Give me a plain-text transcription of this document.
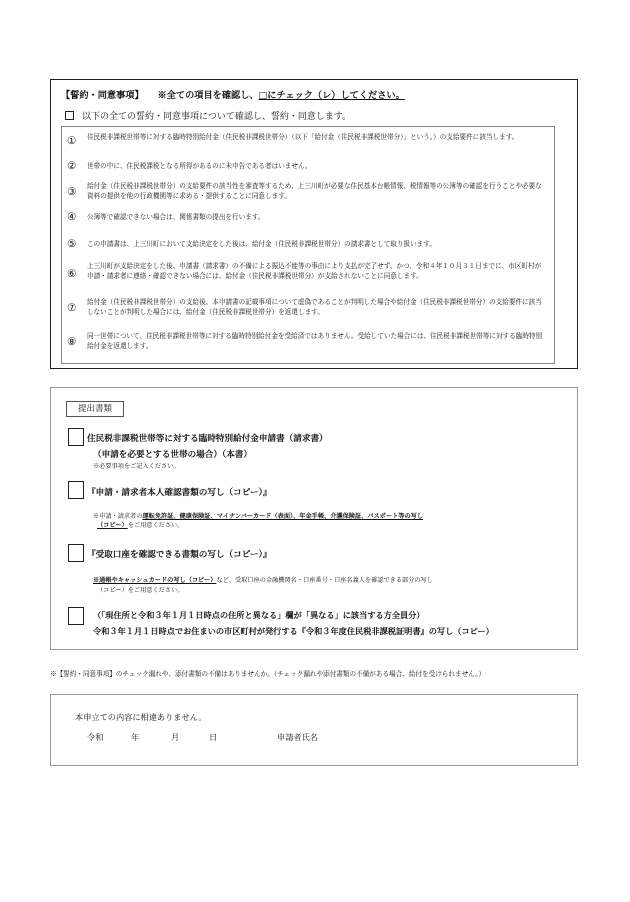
【誓約・同意事項】 ※全ての項目を確認し、□にチェック（レ）してください。
以下の全ての誓約・同意事項について確認し、誓約・同意します。
① 住民税非課税世帯等に対する臨時特別給付金（住民税非課税世帯分）（以下「給付金（住民税非課税世帯分）」という。）の支給要件に該当します。
② 世帯の中に、住民税課税となる所得があるのに未申告である者はいません。
③ 給付金（住民税非課税世帯分）の支給要件の該当性を審査等するため、上三川町が必要な住民基本台帳情報、税情報等の公簿等の確認を行うことや必要な資料の提供を他の行政機関等に求める・提供することに同意します。
④ 公簿等で確認できない場合は、関係書類の提出を行います。
⑤ この申請書は、上三川町において支給決定をした後は、給付金（住民税非課税世帯分）の請求書として取り扱います。
⑥
上三川町が支給決定をした後、申請書（請求書）の不備による振込不能等の事由により支払が完了せず、かつ、令和４年１０月３１日までに、市区町村が申請・請求者に連絡・確認できない場合には、給付金（住民税非課税世帯分）が支給されないことに同意します。
⑦ 給付金（住民税非課税世帯分）の支給後、本申請書の記載事項について虚偽であることが判明した場合や給付金（住民税非課税世帯分）の支給要件に該当しないことが判明した場合には、給付金（住民税非課税世帯分）を返還します。
⑧ 同一世帯について、住民税非課税世帯等に対する臨時特別給付金を受給済ではありません。受給していた場合には、住民税非課税世帯等に対する臨時特別給付金を返還します。
提出書類
住民税非課税世帯等に対する臨時特別給付金申請書（請求書）
（申請を必要とする世帯の場合）（本書）
※必要事項をご記入ください。
『申請・請求者本人確認書類の写し（コピー）』
※申請・請求者の運転免許証、健康保険証、マイナンバーカード（表面）、年金手帳、介護保険証、パスポート等の写し
（コピー）をご用意ください。
『受取口座を確認できる書類の写し（コピー）』
※通帳やキャッシュカードの写し（コピー）など、受取口座の金融機関名・口座番号・口座名義人を確認できる部分の写し
（コピー）をご用意ください。
（「現住所と令和３年１月１日時点の住所と異なる」欄が「異なる」に該当する方全員分）
令和３年１月１日時点でお住まいの市区町村が発行する『令和３年度住民税非課税証明書』の写し（コピー）
※【誓約・同意事項】のチェック漏れや、添付書類の不備はありませんか。（チェック漏れや添付書類の不備がある場合、給付を受けられません。）
本申立ての内容に相違ありません。
令和	年	月	日	申請者氏名
